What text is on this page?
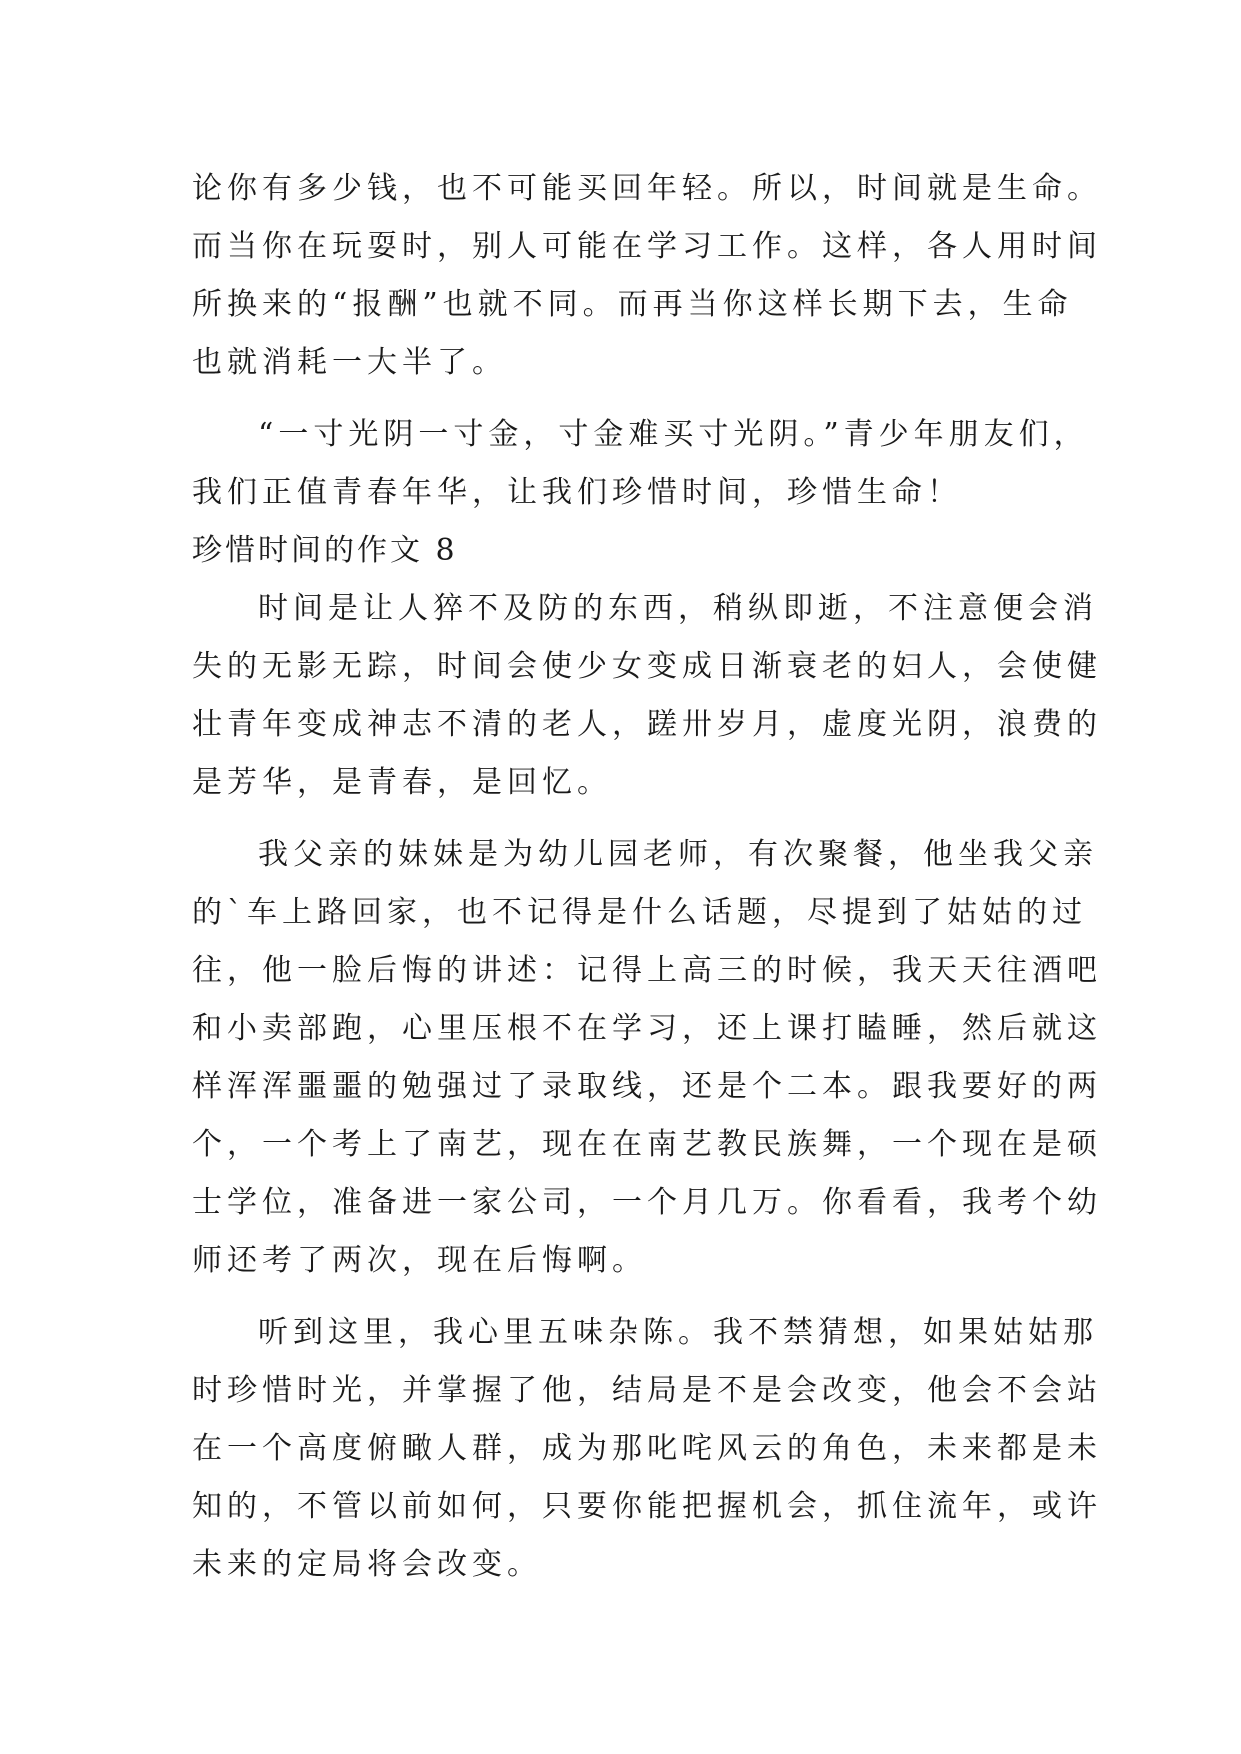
论你有多少钱，也不可能买回年轻。所以，时间就是生命。
而当你在玩耍时，别人可能在学习工作。这样，各人用时间
所换来的“报酬”也就不同。而再当你这样长期下去，生命
也就消耗一大半了。
“一寸光阴一寸金，寸金难买寸光阴。”青少年朋友们，
我们正值青春年华，让我们珍惜时间，珍惜生命！
珍惜时间的作文 8
时间是让人猝不及防的东西，稍纵即逝，不注意便会消
失的无影无踪，时间会使少女变成日渐衰老的妇人，会使健
壮青年变成神志不清的老人，蹉卅岁月，虚度光阴，浪费的
是芳华，是青春，是回忆。
我父亲的妹妹是为幼儿园老师，有次聚餐，他坐我父亲
的`车上路回家，也不记得是什么话题，尽提到了姑姑的过
往，他一脸后悔的讲述：记得上高三的时候，我天天往酒吧
和小卖部跑，心里压根不在学习，还上课打瞌睡，然后就这
样浑浑噩噩的勉强过了录取线，还是个二本。跟我要好的两
个，一个考上了南艺，现在在南艺教民族舞，一个现在是硕
士学位，准备进一家公司，一个月几万。你看看，我考个幼
师还考了两次，现在后悔啊。
听到这里，我心里五味杂陈。我不禁猜想，如果姑姑那
时珍惜时光，并掌握了他，结局是不是会改变，他会不会站
在一个高度俯瞰人群，成为那叱咤风云的角色，未来都是未
知的，不管以前如何，只要你能把握机会，抓住流年，或许
未来的定局将会改变。
